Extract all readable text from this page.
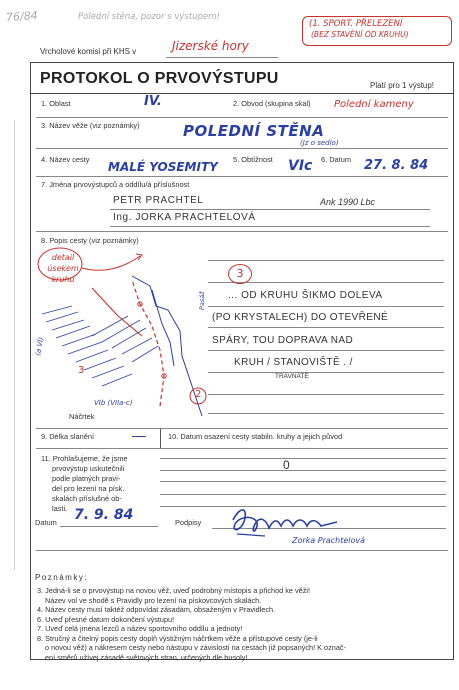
76/84	Polední stěna, pozor s výstupem!
(1. SPORT. PŘELEZENÍ
(BEZ STAVĚNÍ OD KRUHU)
Vrcholové komisi při KHS v	Jizerské hory
PROTOKOL O PRVOVÝSTUPU	Platí pro 1 výstup!
1. Oblast	IV.	2. Obvod (skupina skal) Polední kameny
3. Název věže (viz poznámky)	POLEDNÍ STĚNA
(Jz o sedlo)
4. Název cesty
MALÉ YOSEMITY
5. Obtížnost VIc 6. Datum 27. 8. 84
7. Jména prvovýstupců a oddílu/á příslušnost
PETR PRACHTEL	Ank 1990 Lbc
Ing. JORKA PRACHTELOVÁ
8. Popis cesty (viz poznámky)
3
... OD KRUHU ŠIKMO DOLEVA
(PO KRYSTALECH) DO OTEVŘENÉ
SPÁRY, TOU DOPRAVA NAD
KRUH / STANOVIŠTĚ . /
TRAVNATÉ
detail úsekem kruhu
3
2
(a VI)
VIb (VIIa-c)
Pasáž
Náčrtek
9. Délka slanění	10. Datum osazení cesty stabiln. kruhy a jejich původ
11. Prohlašujeme, že jsme
prvovýstup uskutečnili
podle platných pravi-
del pro lezení na písk.
skalách příslušné ob-
lasti.
0
Datum 7. 9. 84	Podpisy
Zorka Prachtelová
Poznámky:
3. Jedná-li se o prvovýstup na novou věž, uveď podrobný místopis a přichod ke věži!
Název vol ve shodě s Pravidly pro lezení na pískovcových skalách.
4. Název cesty musí taktéž odpovídat zásadám, obsaženým v Pravidlech.
6. Uveď přesné datum dokončení výstupu!
7. Uveď celá jména lezců a název sportovního oddílu a jednoty!
8. Stručný a čitelný popis cesty doplň výstižným náčrtkem věže a přístupové cesty (je-li
o novou věž) a nákresem cesty nebo nástupu v závislosti na cestách již popsaných! K označ-
ení směrů užívej zásadě světových stran, určených dle busoly!
